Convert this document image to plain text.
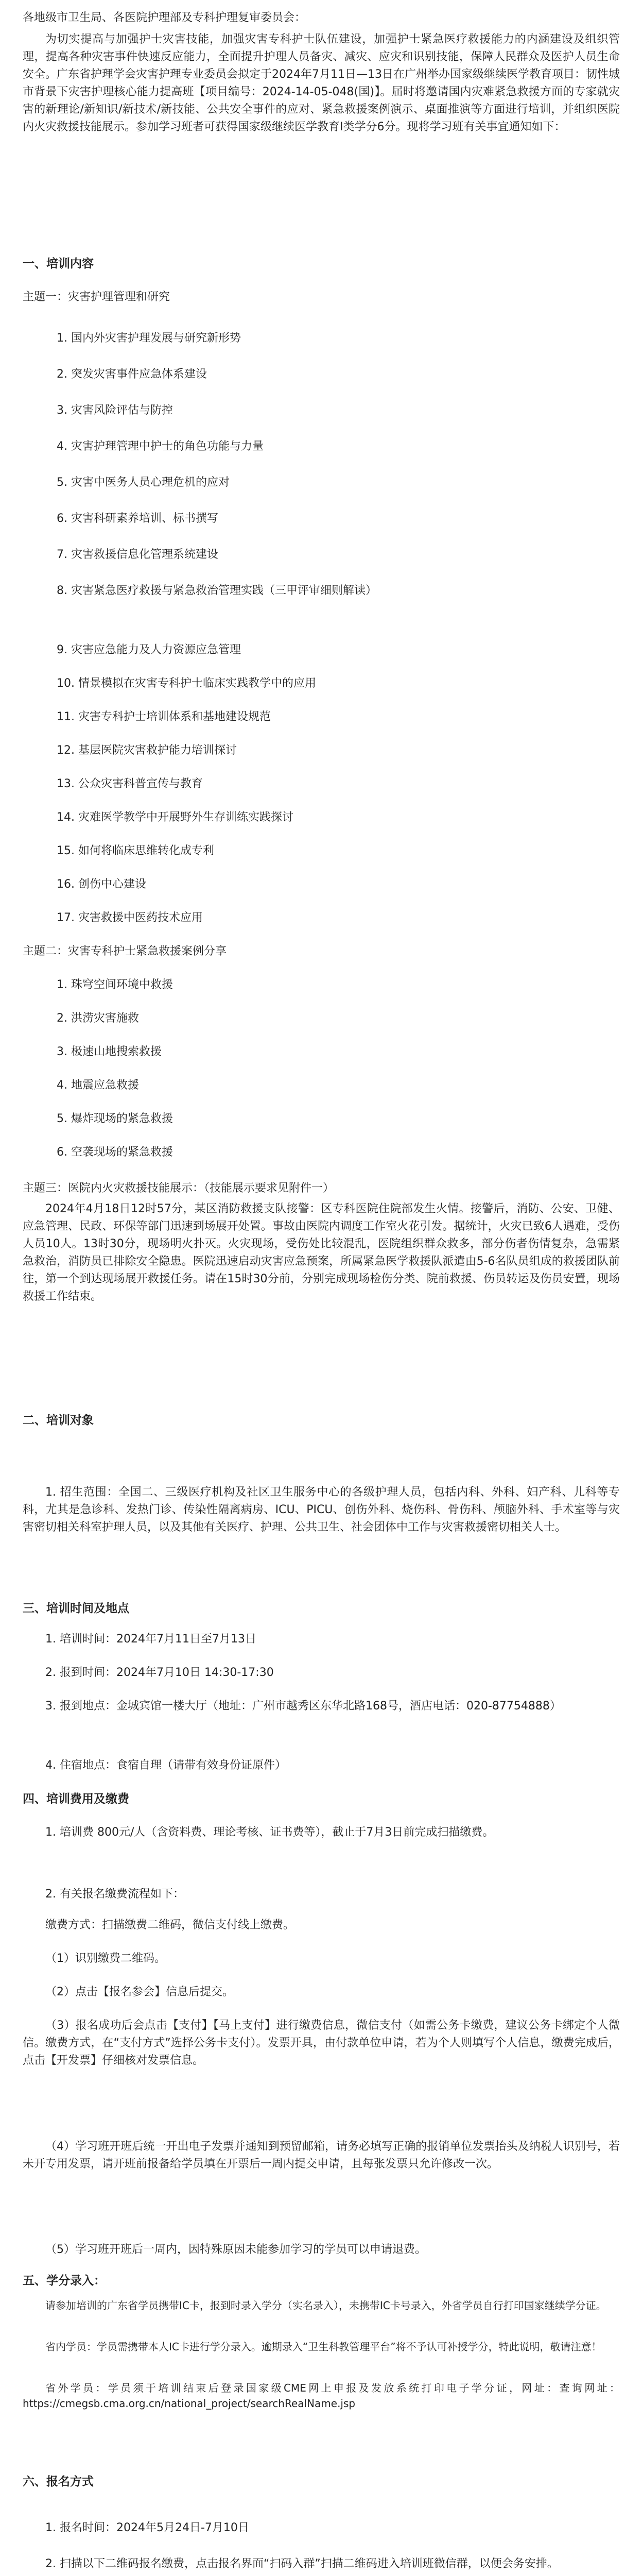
各地级市卫生局、各医院护理部及专科护理复审委员会：
为切实提高与加强护士灾害技能，加强灾害专科护士队伍建设，加强护士紧急医疗救援能力的内涵建设及组织管理，提高各种灾害事件快速反应能力，全面提升护理人员备灾、减灾、应灾和识别技能，保障人民群众及医护人员生命安全。广东省护理学会灾害护理专业委员会拟定于2024年7月11日—13日在广州举办国家级继续医学教育项目：韧性城市背景下灾害护理核心能力提高班【项目编号：2024-14-05-048(国)】。届时将邀请国内灾难紧急救援方面的专家就灾害的新理论/新知识/新技术/新技能、公共安全事件的应对、紧急救援案例演示、桌面推演等方面进行培训，并组织医院内火灾救援技能展示。参加学习班者可获得国家级继续医学教育Ⅰ类学分6分。现将学习班有关事宜通知如下：
一、培训内容
主题一：灾害护理管理和研究
1. 国内外灾害护理发展与研究新形势
2. 突发灾害事件应急体系建设
3. 灾害风险评估与防控
4. 灾害护理管理中护士的角色功能与力量
5. 灾害中医务人员心理危机的应对
6. 灾害科研素养培训、标书撰写
7. 灾害救援信息化管理系统建设
8. 灾害紧急医疗救援与紧急救治管理实践（三甲评审细则解读）
9. 灾害应急能力及人力资源应急管理
10. 情景模拟在灾害专科护士临床实践教学中的应用
11. 灾害专科护士培训体系和基地建设规范
12. 基层医院灾害救护能力培训探讨
13. 公众灾害科普宣传与教育
14. 灾难医学教学中开展野外生存训练实践探讨
15. 如何将临床思维转化成专利
16. 创伤中心建设
17. 灾害救援中医药技术应用
主题二：灾害专科护士紧急救援案例分享
1. 珠穹空间环境中救援
2. 洪涝灾害施救
3. 极速山地搜索救援
4. 地震应急救援
5. 爆炸现场的紧急救援
6. 空袭现场的紧急救援
主题三：医院内火灾救援技能展示：（技能展示要求见附件一）
2024年4月18日12时57分，某区消防救援支队接警：区专科医院住院部发生火情。接警后，消防、公安、卫健、应急管理、民政、环保等部门迅速到场展开处置。事故由医院内调度工作室火花引发。据统计，火灾已致6人遇难，受伤人员10人。13时30分，现场明火扑灭。火灾现场，受伤处比较混乱，医院组织群众救多，部分伤者伤情复杂，急需紧急救治，消防员已排除安全隐患。医院迅速启动灾害应急预案，所属紧急医学救援队派遣由5-6名队员组成的救援团队前往，第一个到达现场展开救援任务。请在15时30分前，分别完成现场检伤分类、院前救援、伤员转运及伤员安置，现场救援工作结束。
二、培训对象
1. 招生范围：全国二、三级医疗机构及社区卫生服务中心的各级护理人员，包括内科、外科、妇产科、儿科等专科，尤其是急诊科、发热门诊、传染性隔离病房、ICU、PICU、创伤外科、烧伤科、骨伤科、颅脑外科、手术室等与灾害密切相关科室护理人员，以及其他有关医疗、护理、公共卫生、社会团体中工作与灾害救援密切相关人士。
三、培训时间及地点
1. 培训时间：2024年7月11日至7月13日
2. 报到时间：2024年7月10日 14:30-17:30
3. 报到地点：金城宾馆一楼大厅（地址：广州市越秀区东华北路168号，酒店电话：020-87754888）
4. 住宿地点：食宿自理（请带有效身份证原件）
四、培训费用及缴费
1. 培训费 800元/人（含资料费、理论考核、证书费等），截止于7月3日前完成扫描缴费。
2. 有关报名缴费流程如下：
缴费方式：扫描缴费二维码，微信支付线上缴费。
（1）识别缴费二维码。
（2）点击【报名参会】信息后提交。
（3）报名成功后会点击【支付】【马上支付】进行缴费信息，微信支付（如需公务卡缴费，建议公务卡绑定个人微信。缴费方式，在“支付方式”选择公务卡支付）。发票开具，由付款单位申请，若为个人则填写个人信息，缴费完成后，点击【开发票】仔细核对发票信息。
（4）学习班开班后统一开出电子发票并通知到预留邮箱，请务必填写正确的报销单位发票抬头及纳税人识别号，若未开专用发票，请开班前报备给学员填在开票后一周内提交申请，且每张发票只允许修改一次。
（5）学习班开班后一周内，因特殊原因未能参加学习的学员可以申请退费。
五、学分录入：
请参加培训的广东省学员携带IC卡，报到时录入学分（实名录入），未携带IC卡号录入，外省学员自行打印国家继续学分证。
省内学员：学员需携带本人IC卡进行学分录入。逾期录入“卫生科教管理平台”将不予认可补授学分，特此说明，敬请注意！
省外学员：学员须于培训结束后登录国家级CME网上申报及发放系统打印电子学分证，网址：查询网址：https://cmegsb.cma.org.cn/national_project/searchRealName.jsp
六、报名方式
1. 报名时间：2024年5月24日-7月10日
2. 扫描以下二维码报名缴费，点击报名界面“扫码入群”扫描二维码进入培训班微信群，以便会务安排。
